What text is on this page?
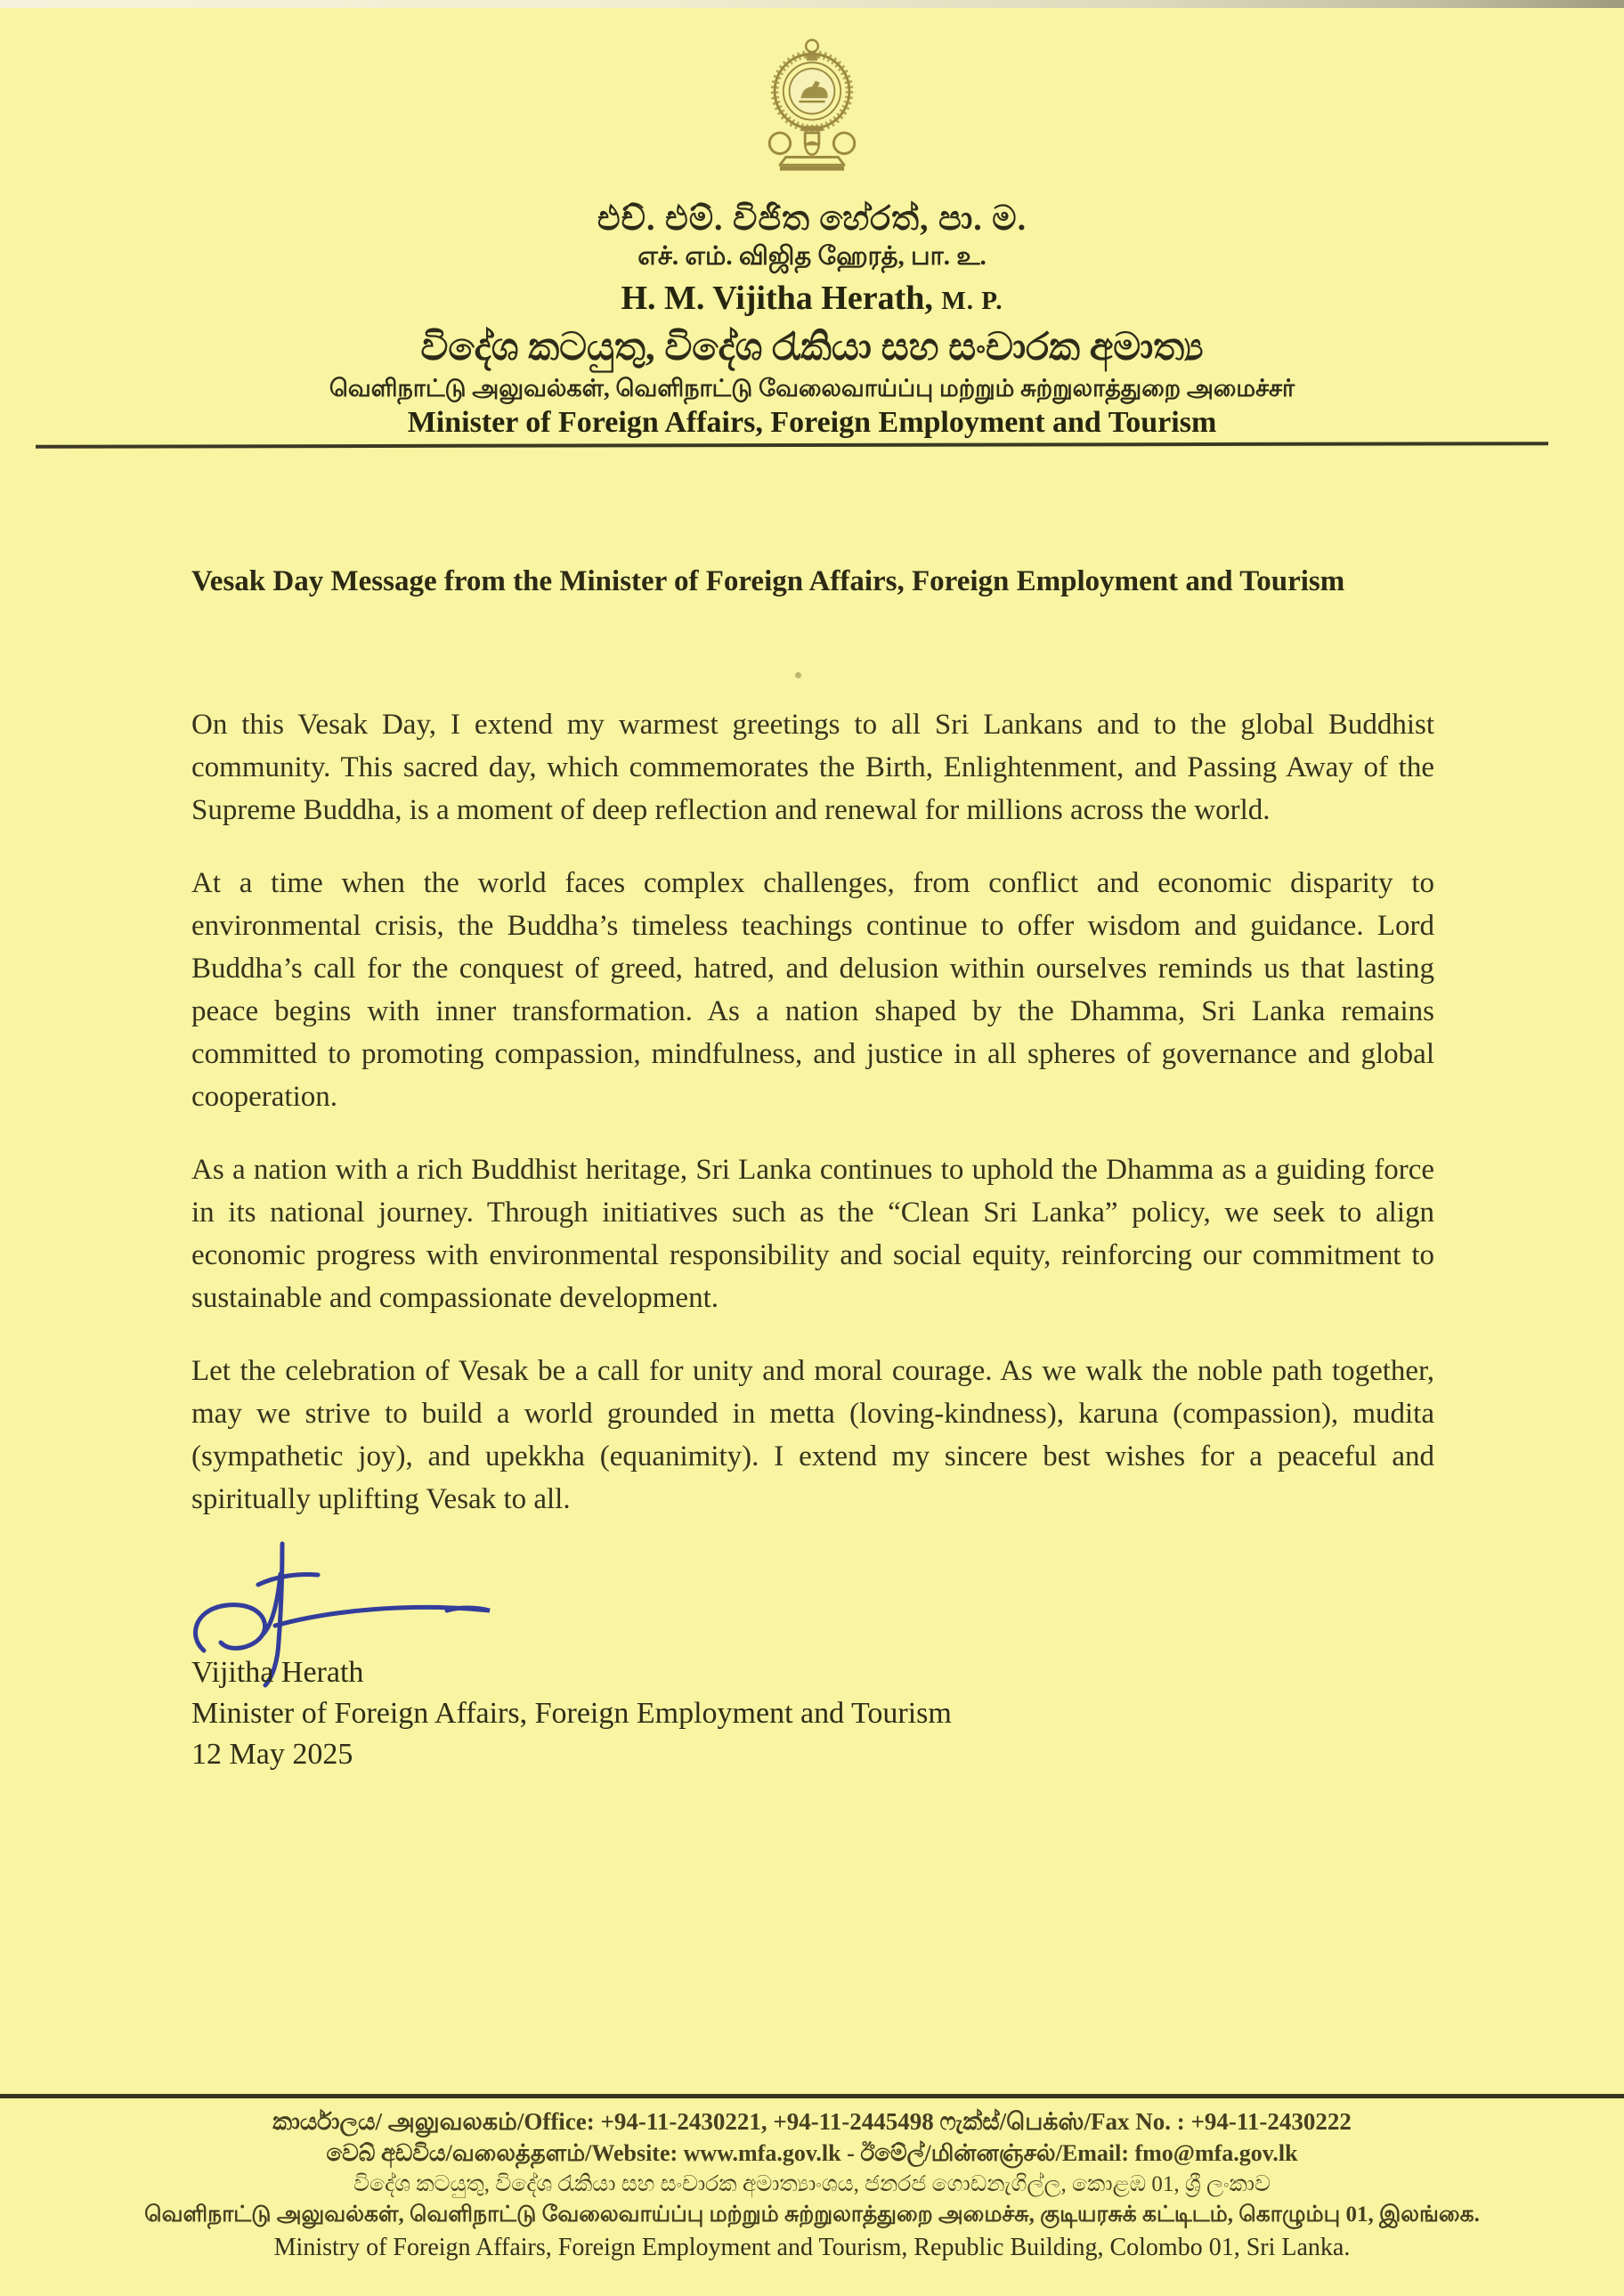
එච්. එම්. විජිත හේරත්, පා. ම.
எச். எம். விஜித ஹேரத், பா. உ.
H. M. Vijitha Herath, M. P.
විදේශ කටයුතු, විදේශ රැකියා සහ සංචාරක අමාත්‍ය
வெளிநாட்டு அலுவல்கள், வெளிநாட்டு வேலைவாய்ப்பு மற்றும் சுற்றுலாத்துறை அமைச்சர்
Minister of Foreign Affairs, Foreign Employment and Tourism
Vesak Day Message from the Minister of Foreign Affairs, Foreign Employment and Tourism

On this Vesak Day, I extend my warmest greetings to all Sri Lankans and to the global Buddhist community. This sacred day, which commemorates the Birth, Enlightenment, and Passing Away of the Supreme Buddha, is a moment of deep reflection and renewal for millions across the world.

At a time when the world faces complex challenges, from conflict and economic disparity to environmental crisis, the Buddha’s timeless teachings continue to offer wisdom and guidance. Lord Buddha’s call for the conquest of greed, hatred, and delusion within ourselves reminds us that lasting peace begins with inner transformation. As a nation shaped by the Dhamma, Sri Lanka remains committed to promoting compassion, mindfulness, and justice in all spheres of governance and global cooperation.

As a nation with a rich Buddhist heritage, Sri Lanka continues to uphold the Dhamma as a guiding force in its national journey. Through initiatives such as the “Clean Sri Lanka” policy, we seek to align economic progress with environmental responsibility and social equity, reinforcing our commitment to sustainable and compassionate development.

Let the celebration of Vesak be a call for unity and moral courage. As we walk the noble path together, may we strive to build a world grounded in metta (loving-kindness), karuna (compassion), mudita (sympathetic joy), and upekkha (equanimity). I extend my sincere best wishes for a peaceful and spiritually uplifting Vesak to all.

Vijitha Herath
Minister of Foreign Affairs, Foreign Employment and Tourism
12 May 2025
කාර්යාලය/ அலுவலகம்/Office: +94-11-2430221, +94-11-2445498 ෆැක්ස්/பெக்ஸ்/Fax No. : +94-11-2430222
වෙබ් අඩවිය/வலைத்தளம்/Website: www.mfa.gov.lk - ඊමේල්/மின்னஞ்சல்/Email: fmo@mfa.gov.lk
විදේශ කටයුතු, විදේශ රැකියා සහ සංචාරක අමාත්‍යාංශය, ජනරජ ගොඩනැගිල්ල, කොළඹ 01, ශ්‍රී ලංකාව
வெளிநாட்டு அலுவல்கள், வெளிநாட்டு வேலைவாய்ப்பு மற்றும் சுற்றுலாத்துறை அமைச்சு, குடியரசுக் கட்டிடம், கொழும்பு 01, இலங்கை.
Ministry of Foreign Affairs, Foreign Employment and Tourism, Republic Building, Colombo 01, Sri Lanka.
